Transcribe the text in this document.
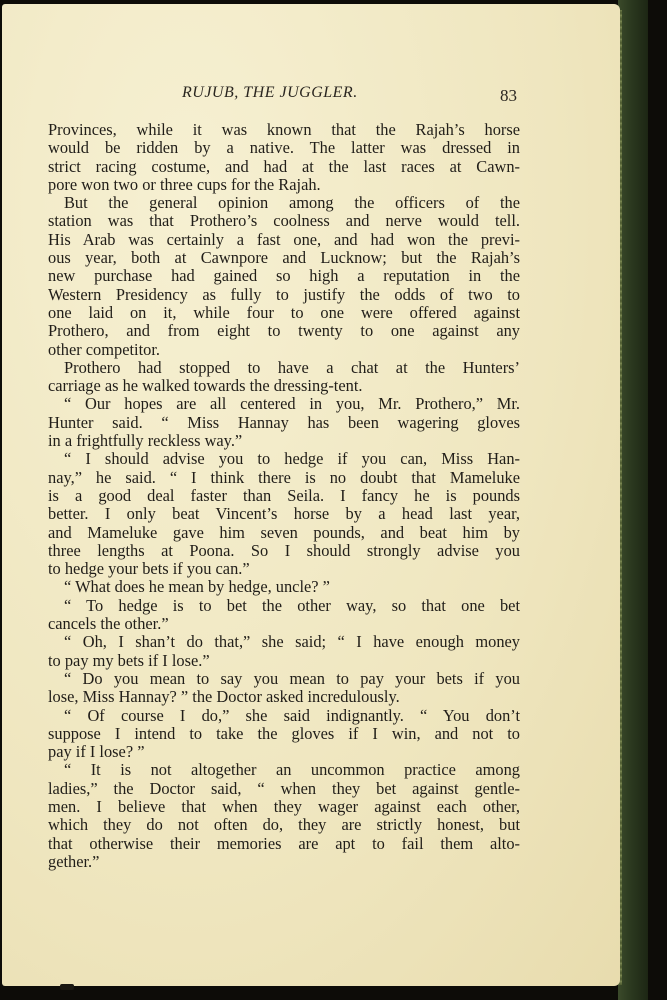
RUJUB, THE JUGGLER.	83
Provinces, while it was known that the Rajah’s horse
would be ridden by a native. The latter was dressed in
strict racing costume, and had at the last races at Cawn-
pore won two or three cups for the Rajah.
But the general opinion among the officers of the
station was that Prothero’s coolness and nerve would tell.
His Arab was certainly a fast one, and had won the previ-
ous year, both at Cawnpore and Lucknow; but the Rajah’s
new purchase had gained so high a reputation in the
Western Presidency as fully to justify the odds of two to
one laid on it, while four to one were offered against
Prothero, and from eight to twenty to one against any
other competitor.
Prothero had stopped to have a chat at the Hunters’
carriage as he walked towards the dressing-tent.
“ Our hopes are all centered in you, Mr. Prothero,” Mr.
Hunter said. “ Miss Hannay has been wagering gloves
in a frightfully reckless way.”
“ I should advise you to hedge if you can, Miss Han-
nay,” he said. “ I think there is no doubt that Mameluke
is a good deal faster than Seila. I fancy he is pounds
better. I only beat Vincent’s horse by a head last year,
and Mameluke gave him seven pounds, and beat him by
three lengths at Poona. So I should strongly advise you
to hedge your bets if you can.”
“ What does he mean by hedge, uncle? ”
“ To hedge is to bet the other way, so that one bet
cancels the other.”
“ Oh, I shan’t do that,” she said; “ I have enough money
to pay my bets if I lose.”
“ Do you mean to say you mean to pay your bets if you
lose, Miss Hannay? ” the Doctor asked incredulously.
“ Of course I do,” she said indignantly. “ You don’t
suppose I intend to take the gloves if I win, and not to
pay if I lose? ”
“ It is not altogether an uncommon practice among
ladies,” the Doctor said, “ when they bet against gentle-
men. I believe that when they wager against each other,
which they do not often do, they are strictly honest, but
that otherwise their memories are apt to fail them alto-
gether.”
